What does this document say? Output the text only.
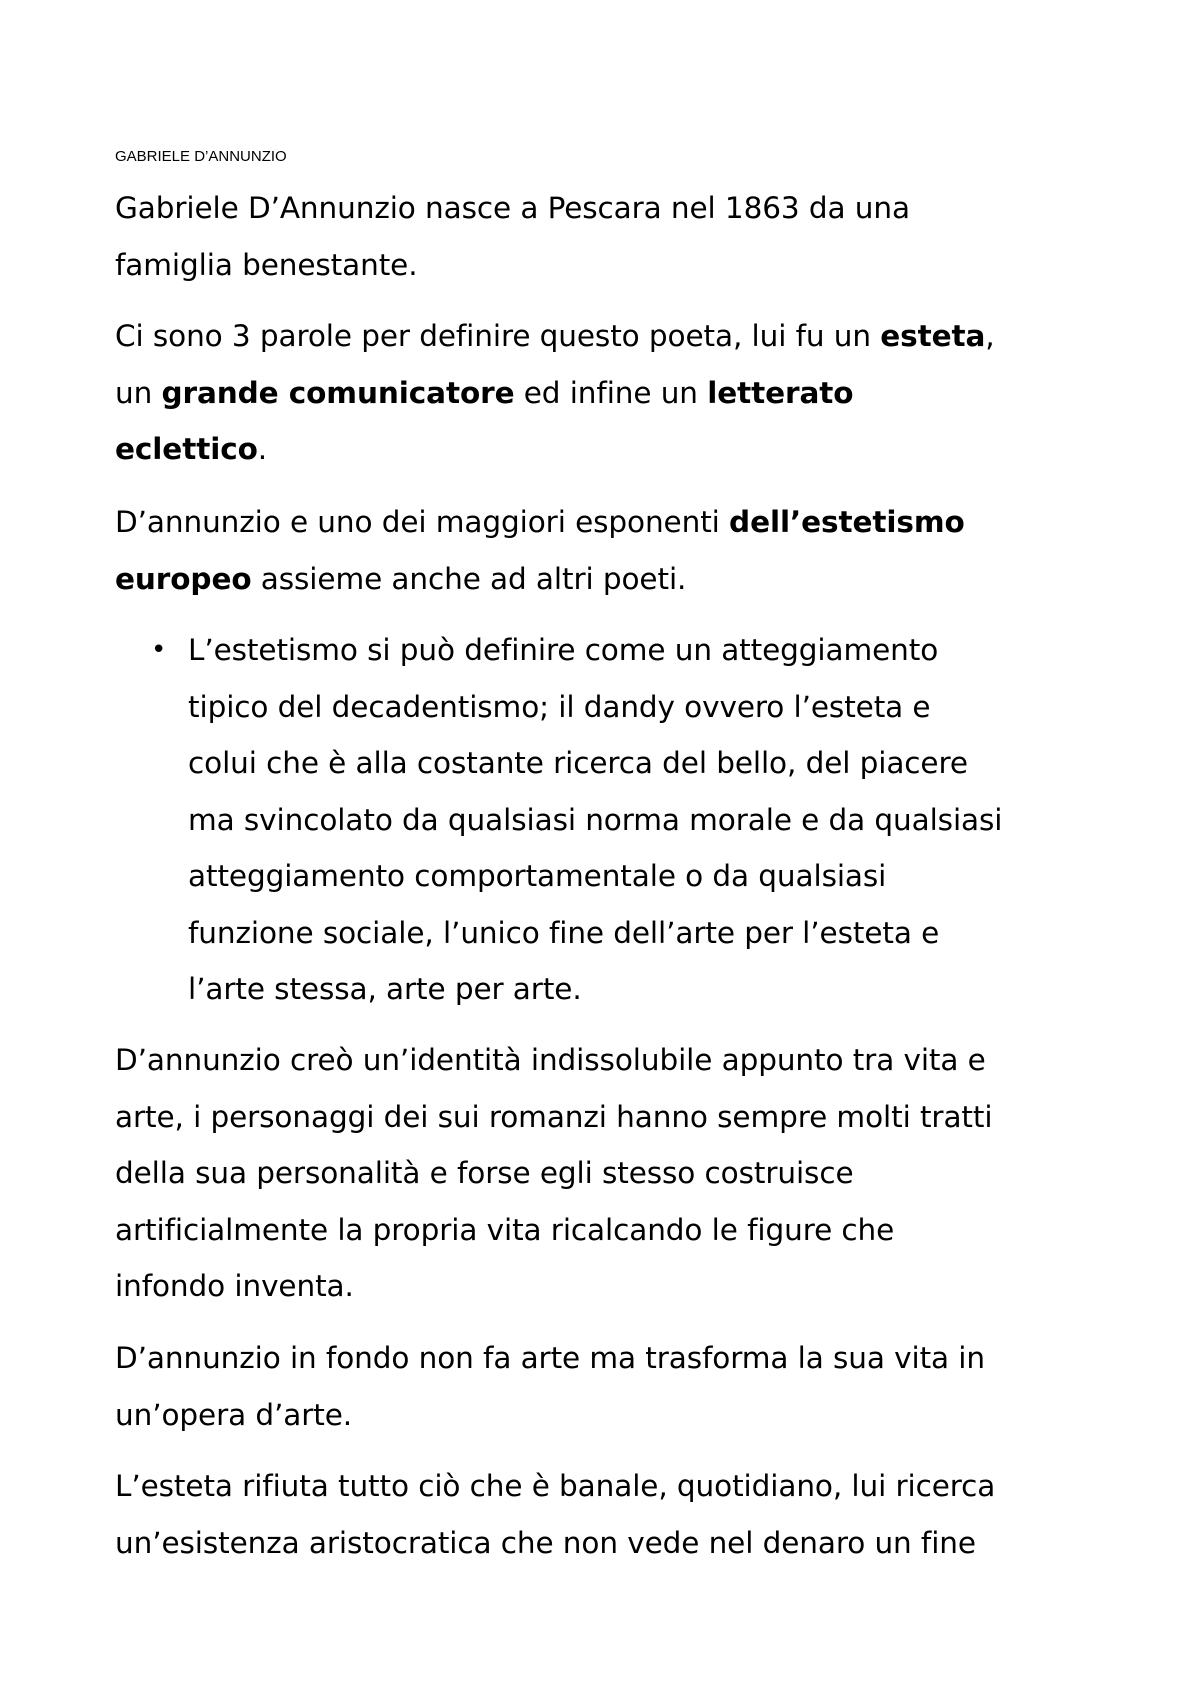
GABRIELE D’ANNUNZIO
Gabriele D’Annunzio nasce a Pescara nel 1863 da una
famiglia benestante.
Ci sono 3 parole per definire questo poeta, lui fu un esteta,
un grande comunicatore ed infine un letterato
eclettico.
D’annunzio e uno dei maggiori esponenti dell’estetismo
europeo assieme anche ad altri poeti.
• L’estetismo si può definire come un atteggiamento
tipico del decadentismo; il dandy ovvero l’esteta e
colui che è alla costante ricerca del bello, del piacere
ma svincolato da qualsiasi norma morale e da qualsiasi
atteggiamento comportamentale o da qualsiasi
funzione sociale, l’unico fine dell’arte per l’esteta e
l’arte stessa, arte per arte.
D’annunzio creò un’identità indissolubile appunto tra vita e
arte, i personaggi dei sui romanzi hanno sempre molti tratti
della sua personalità e forse egli stesso costruisce
artificialmente la propria vita ricalcando le figure che
infondo inventa.
D’annunzio in fondo non fa arte ma trasforma la sua vita in
un’opera d’arte.
L’esteta rifiuta tutto ciò che è banale, quotidiano, lui ricerca
un’esistenza aristocratica che non vede nel denaro un fine
